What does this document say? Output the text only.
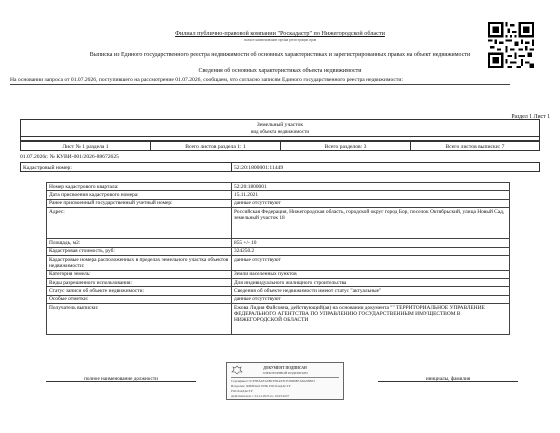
Филиал публично-правовой компании "Роскадастр" по Нижегородской области
полное наименование органа регистрации прав
Выписка из Единого государственного реестра недвижимости об основных характеристиках и зарегистрированных правах на объект недвижимости
Сведения об основных характеристиках объекта недвижимости
На основании запроса от 01.07.2026, поступившего на рассмотрение 01.07.2026, сообщаем, что согласно записям Единого государственного реестра недвижимости:
Раздел 1 Лист 1
Земельный участок
вид объекта недвижимости
Лист № 1 раздела 1	Всего листов раздела 1: 1	Всего разделов: 3	Всего листов выписки: 7
01.07.2026г. № КУВИ-001/2026-88672625
Кадастровый номер:	52:20:1800001:11449
Номер кадастрового квартала:	52:20:1800001
Дата присвоения кадастрового номера:	15.11.2021
Ранее присвоенный государственный учетный номер:	данные отсутствуют
Адрес:	Российская Федерация, Нижегородская область, городской округ город Бор, поселок Октябрьский, улица Новый Сад, земельный участок 18
Площадь, м2:	855 +/- 10
Кадастровая стоимость, руб:	324250.2
Кадастровые номера расположенных в пределах земельного участка объектов недвижимости:	данные отсутствуют
Категория земель:	Земли населенных пунктов
Виды разрешенного использования:	Для индивидуального жилищного строительства
Статус записи об объекте недвижимости:	Сведения об объекте недвижимости имеют статус "актуальные"
Особые отметки:	данные отсутствуют
Получатель выписки:	Ежова Лидия Файсовна, действующий(ая) на основании документа "" ТЕРРИТОРИАЛЬНОЕ УПРАВЛЕНИЕ ФЕДЕРАЛЬНОГО АГЕНТСТВА ПО УПРАВЛЕНИЮ ГОСУДАРСТВЕННЫМ ИМУЩЕСТВОМ В НИЖЕГОРОДСКОЙ ОБЛАСТИ
полное наименование должности	инициалы, фамилия
ДОКУМЕНТ ПОДПИСАН
ЭЛЕКТРОННОЙ ПОДПИСЬЮ
Сертификат: 01F3B3AEA0BCF00AE3CE28D9B7A8A93B03
Владелец: ФИЛИАЛ ППК РОСКАДАСТР
РОСКАДАСТР
Действителен: с 24.12.2025 по 19.03.2027
